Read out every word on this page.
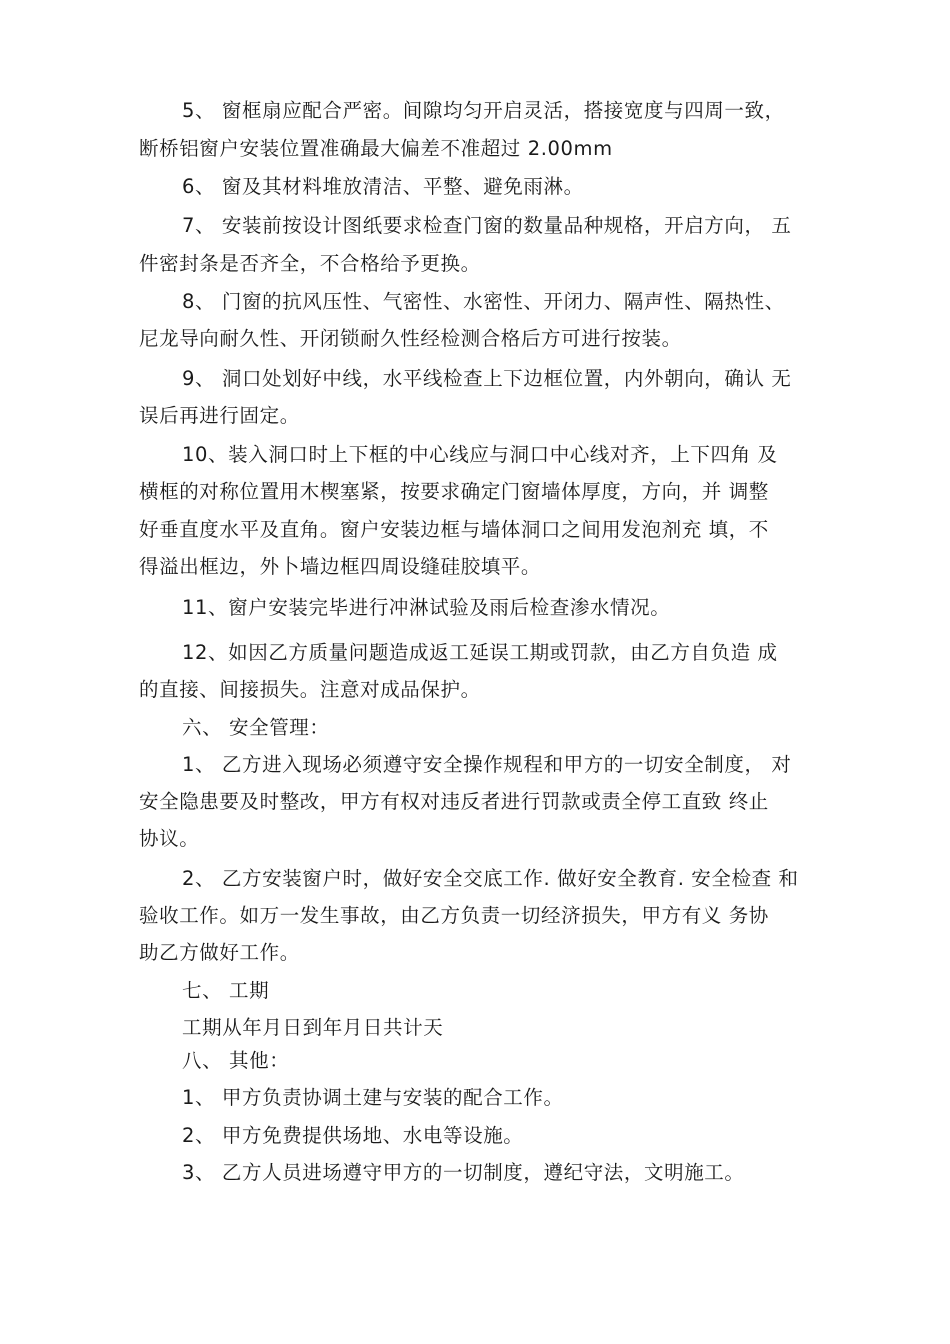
5、 窗框扇应配合严密。间隙均匀开启灵活，搭接宽度与四周一致，
断桥铝窗户安装位置准确最大偏差不准超过 2.00mm
6、 窗及其材料堆放清洁、平整、避免雨淋。
7、 安装前按设计图纸要求检查门窗的数量品种规格，开启方向， 五
件密封条是否齐全，不合格给予更换。
8、 门窗的抗风压性、气密性、水密性、开闭力、隔声性、隔热性、
尼龙导向耐久性、开闭锁耐久性经检测合格后方可进行按装。
9、 洞口处划好中线，水平线检查上下边框位置，内外朝向，确认 无
误后再进行固定。
10、装入洞口时上下框的中心线应与洞口中心线对齐，上下四角 及
横框的对称位置用木楔塞紧，按要求确定门窗墙体厚度，方向，并 调整
好垂直度水平及直角。窗户安装边框与墙体洞口之间用发泡剂充 填，不
得溢出框边，外卜墙边框四周设缝硅胶填平。
11、窗户安装完毕进行冲淋试验及雨后检查渗水情况。
12、如因乙方质量问题造成返工延误工期或罚款，由乙方自负造 成
的直接、间接损失。注意对成品保护。
六、 安全管理：
1、 乙方进入现场必须遵守安全操作规程和甲方的一切安全制度， 对
安全隐患要及时整改，甲方有权对违反者进行罚款或责全停工直致 终止
协议。
2、 乙方安装窗户时，做好安全交底工作. 做好安全教育. 安全检查 和
验收工作。如万一发生事故，由乙方负责一切经济损失，甲方有义 务协
助乙方做好工作。
七、 工期
工期从年月日到年月日共计天
八、 其他：
1、 甲方负责协调土建与安装的配合工作。
2、 甲方免费提供场地、水电等设施。
3、 乙方人员进场遵守甲方的一切制度，遵纪守法，文明施工。
